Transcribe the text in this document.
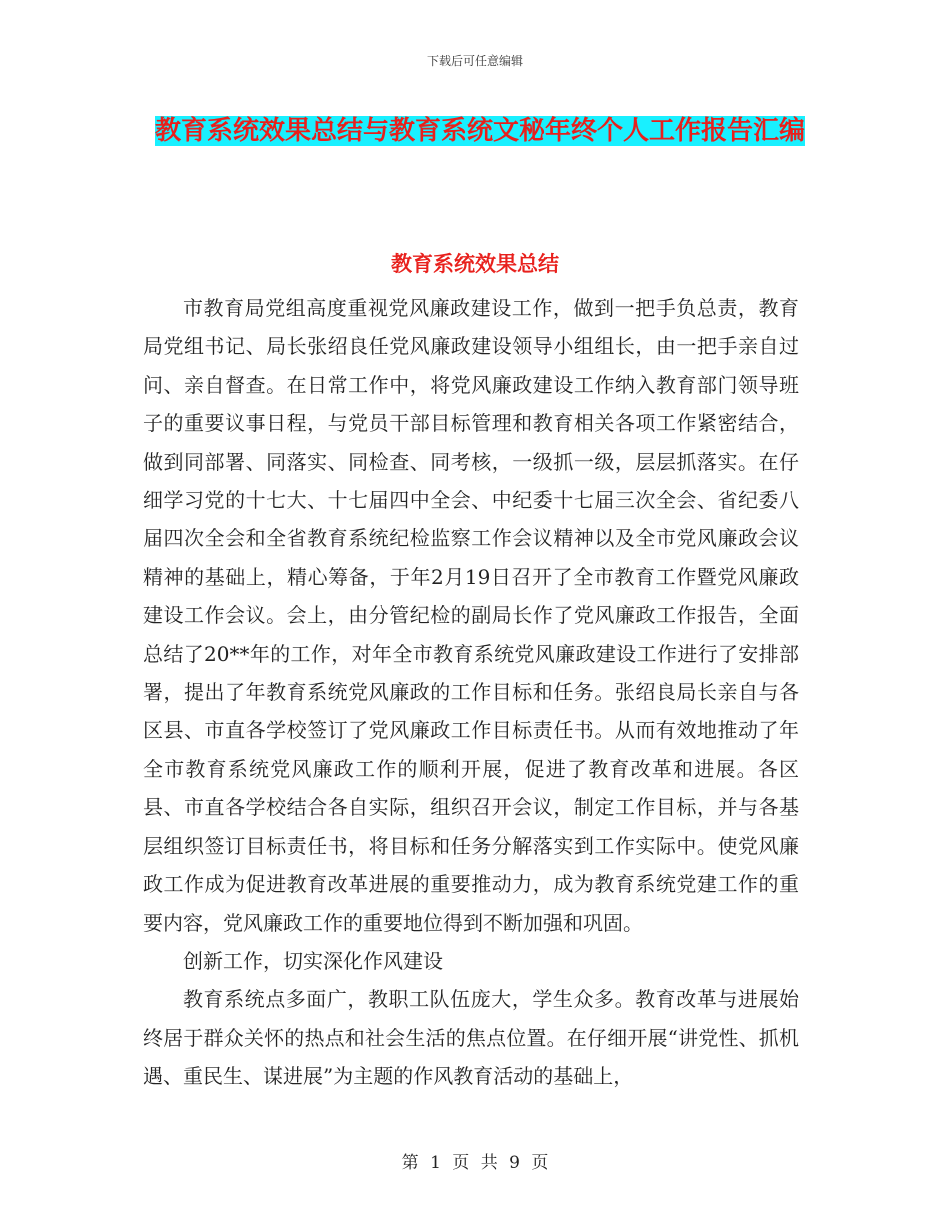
下载后可任意编辑
教育系统效果总结与教育系统文秘年终个人工作报告汇编
教育系统效果总结

市教育局党组高度重视党风廉政建设工作，做到一把手负总责，教育局党组书记、局长张绍良任党风廉政建设领导小组组长，由一把手亲自过问、亲自督查。在日常工作中，将党风廉政建设工作纳入教育部门领导班子的重要议事日程，与党员干部目标管理和教育相关各项工作紧密结合，做到同部署、同落实、同检查、同考核，一级抓一级，层层抓落实。在仔细学习党的十七大、十七届四中全会、中纪委十七届三次全会、省纪委八届四次全会和全省教育系统纪检监察工作会议精神以及全市党风廉政会议精神的基础上，精心筹备，于年2月19日召开了全市教育工作暨党风廉政建设工作会议。会上，由分管纪检的副局长作了党风廉政工作报告，全面总结了20**年的工作，对年全市教育系统党风廉政建设工作进行了安排部署，提出了年教育系统党风廉政的工作目标和任务。张绍良局长亲自与各区县、市直各学校签订了党风廉政工作目标责任书。从而有效地推动了年全市教育系统党风廉政工作的顺利开展，促进了教育改革和进展。各区县、市直各学校结合各自实际，组织召开会议，制定工作目标，并与各基层组织签订目标责任书，将目标和任务分解落实到工作实际中。使党风廉政工作成为促进教育改革进展的重要推动力，成为教育系统党建工作的重要内容，党风廉政工作的重要地位得到不断加强和巩固。

创新工作，切实深化作风建设

教育系统点多面广，教职工队伍庞大，学生众多。教育改革与进展始终居于群众关怀的热点和社会生活的焦点位置。在仔细开展“讲党性、抓机遇、重民生、谋进展”为主题的作风教育活动的基础上，

第 1 页 共 9 页
